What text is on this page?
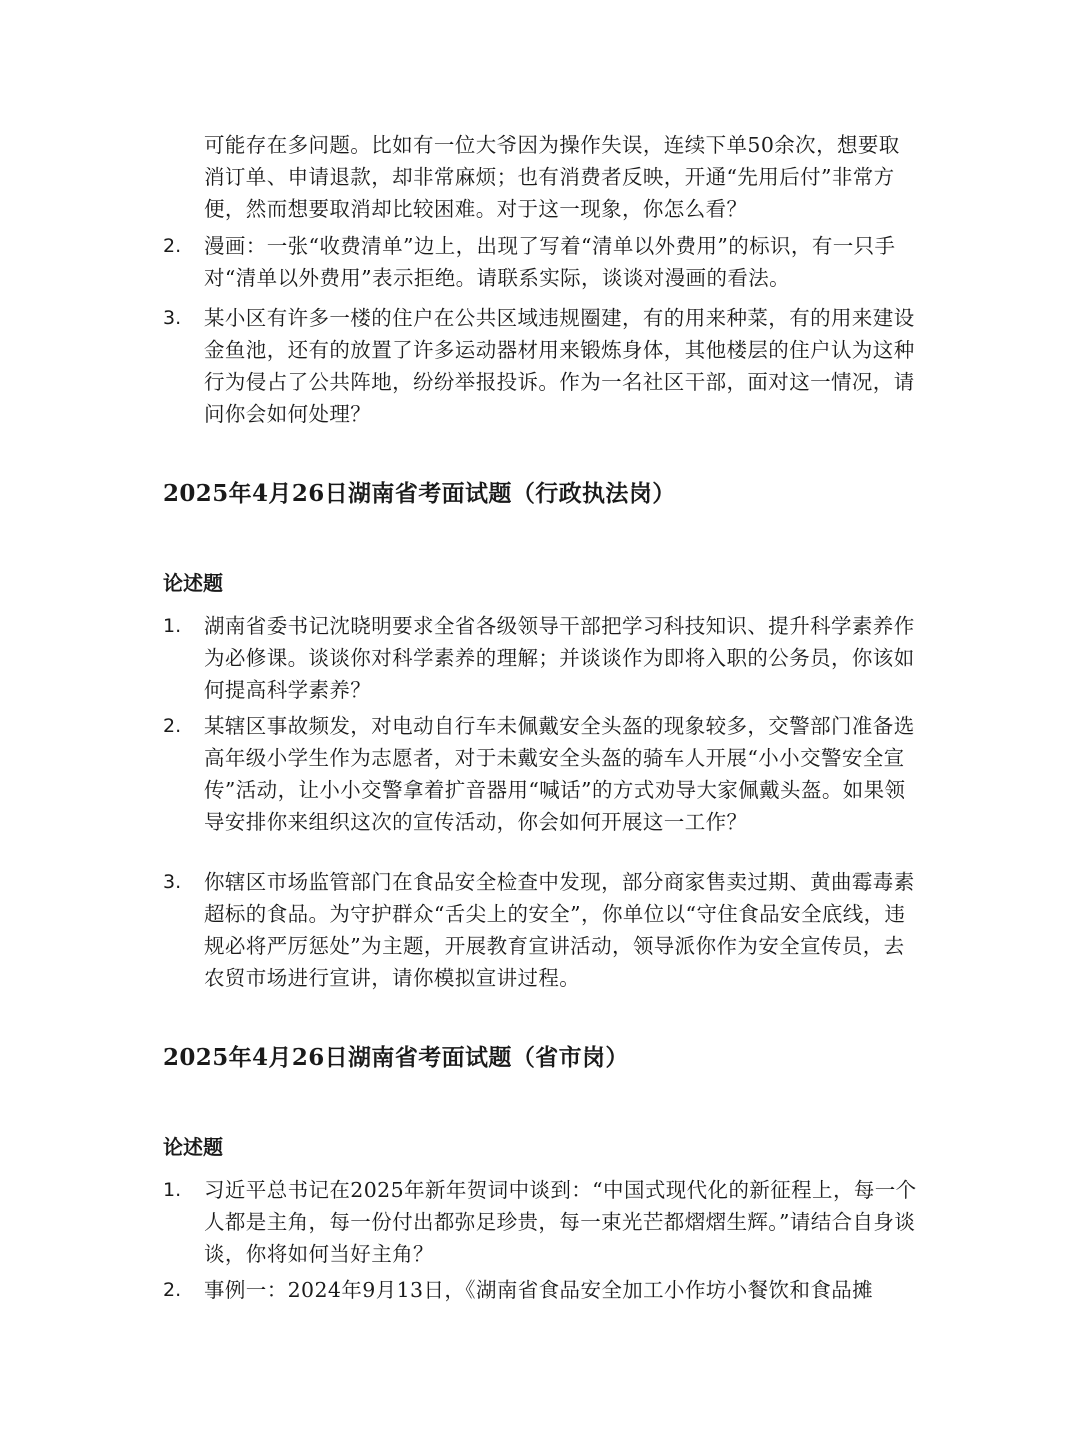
可能存在多问题。比如有一位大爷因为操作失误，连续下单50余次，想要取消订单、申请退款，却非常麻烦；也有消费者反映，开通“先用后付”非常方便，然而想要取消却比较困难。对于这一现象，你怎么看？
2.	漫画：一张“收费清单”边上，出现了写着“清单以外费用”的标识，有一只手对“清单以外费用”表示拒绝。请联系实际，谈谈对漫画的看法。
3.	某小区有许多一楼的住户在公共区域违规圈建，有的用来种菜，有的用来建设金鱼池，还有的放置了许多运动器材用来锻炼身体，其他楼层的住户认为这种行为侵占了公共阵地，纷纷举报投诉。作为一名社区干部，面对这一情况，请问你会如何处理？
2025年4月26日湖南省考面试题（行政执法岗）
论述题
1.	湖南省委书记沈晓明要求全省各级领导干部把学习科技知识、提升科学素养作为必修课。谈谈你对科学素养的理解；并谈谈作为即将入职的公务员，你该如何提高科学素养？
2.	某辖区事故频发，对电动自行车未佩戴安全头盔的现象较多，交警部门准备选高年级小学生作为志愿者，对于未戴安全头盔的骑车人开展“小小交警安全宣传”活动，让小小交警拿着扩音器用“喊话”的方式劝导大家佩戴头盔。如果领导安排你来组织这次的宣传活动，你会如何开展这一工作？
3.	你辖区市场监管部门在食品安全检查中发现，部分商家售卖过期、黄曲霉毒素超标的食品。为守护群众“舌尖上的安全”，你单位以“守住食品安全底线，违规必将严厉惩处”为主题，开展教育宣讲活动，领导派你作为安全宣传员，去农贸市场进行宣讲，请你模拟宣讲过程。
2025年4月26日湖南省考面试题（省市岗）
论述题
1.	习近平总书记在2025年新年贺词中谈到：“中国式现代化的新征程上，每一个人都是主角，每一份付出都弥足珍贵，每一束光芒都熠熠生辉。”请结合自身谈谈，你将如何当好主角？
2.	事例一：2024年9月13日，《湖南省食品安全加工小作坊小餐饮和食品摊
